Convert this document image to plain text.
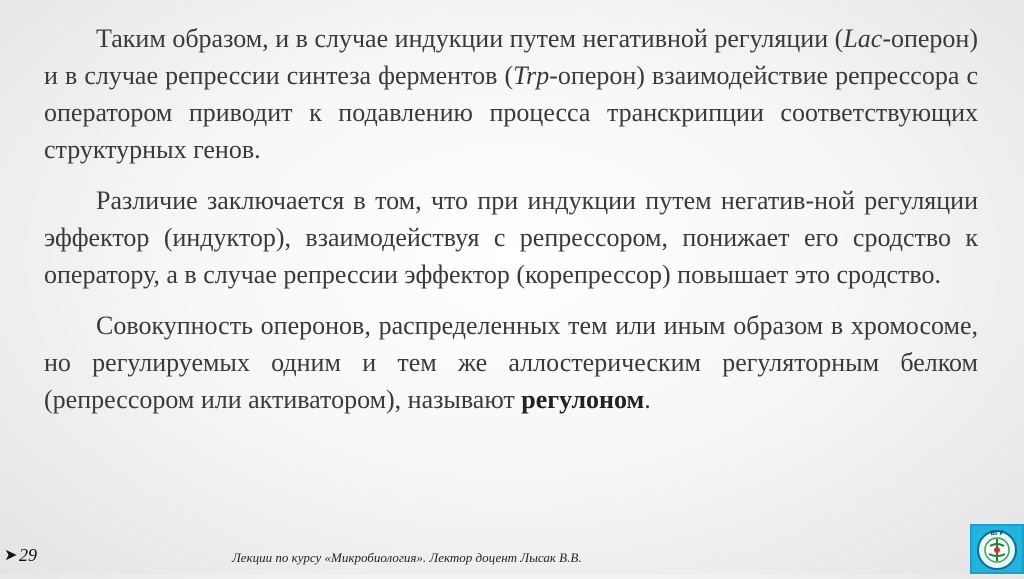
Таким образом, и в случае индукции путем негативной регуляции (Lac-оперон) и в случае репрессии синтеза ферментов (Trp-оперон) взаимодействие репрессора с оператором приводит к подавлению процесса транскрипции соответствующих структурных генов.

Различие заключается в том, что при индукции путем негатив-ной регуляции эффектор (индуктор), взаимодействуя с репрессором, понижает его сродство к оператору, а в случае репрессии эффектор (корепрессор) повышает это сродство.

Совокупность оперонов, распределенных тем или иным образом в хромосоме, но регулируемых одним и тем же аллостерическим регуляторным белком (репрессором или активатором), называют регулоном.

➤ 29	Лекции по курсу «Микробиология». Лектор доцент Лысак В.В.
БГУ
